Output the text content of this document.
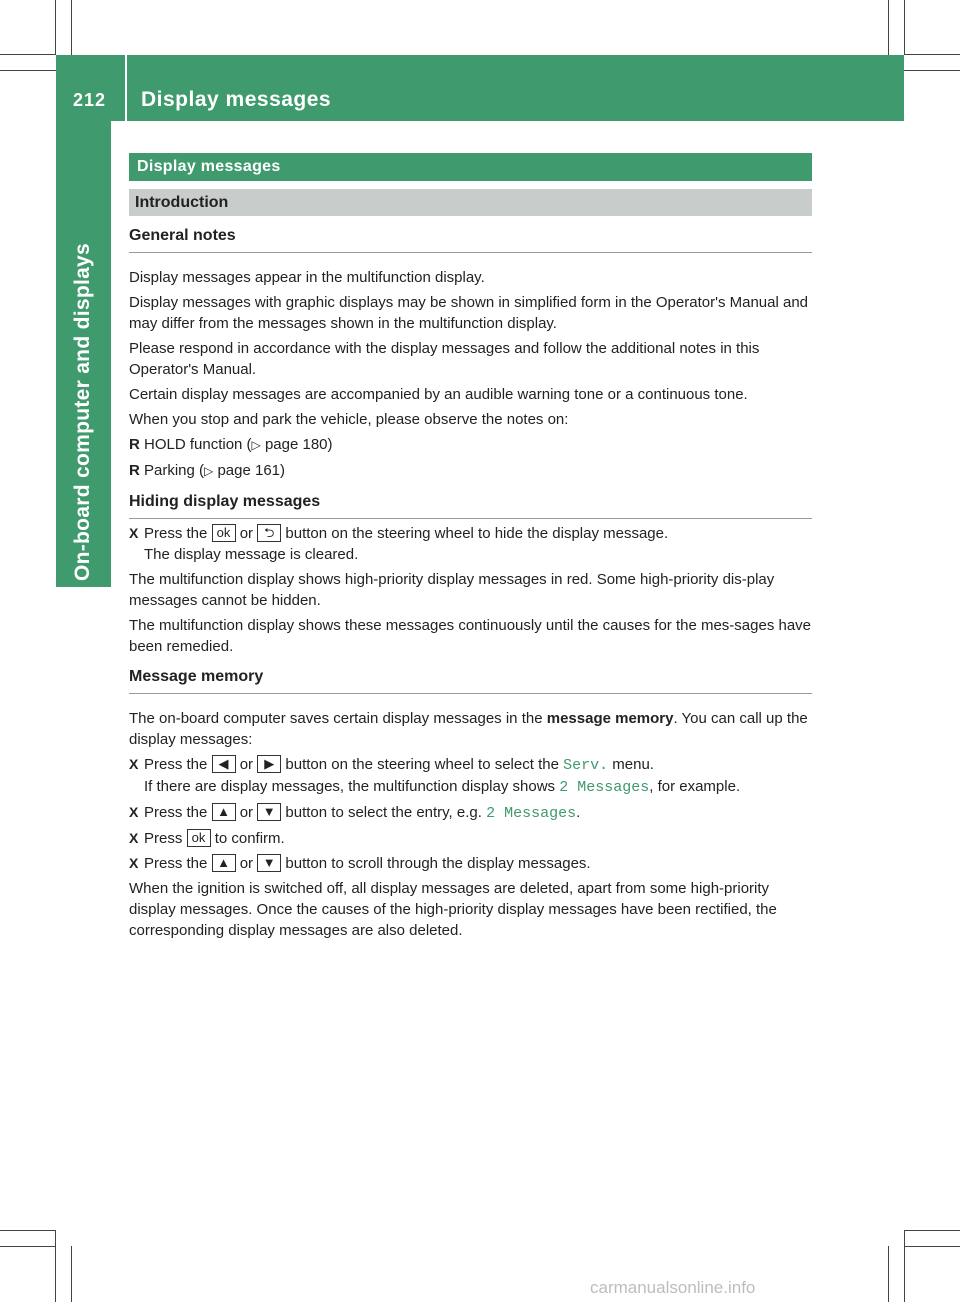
212 Display messages
On-board computer and displays
Display messages
Introduction
General notes
Display messages appear in the multifunction display.
Display messages with graphic displays may be shown in simplified form in the Operator's Manual and may differ from the messages shown in the multifunction display.
Please respond in accordance with the display messages and follow the additional notes in this Operator's Manual.
Certain display messages are accompanied by an audible warning tone or a continuous tone.
When you stop and park the vehicle, please observe the notes on:
R HOLD function (▷ page 180)
R Parking (▷ page 161)
Hiding display messages
X Press the ok or ⮌ button on the steering wheel to hide the display message.
The display message is cleared.
The multifunction display shows high-priority display messages in red. Some high-priority dis-play messages cannot be hidden.
The multifunction display shows these messages continuously until the causes for the mes-sages have been remedied.
Message memory
The on-board computer saves certain display messages in the message memory. You can call up the display messages:
X Press the ◀ or ▶ button on the steering wheel to select the Serv. menu.
If there are display messages, the multifunction display shows 2 Messages, for example.
X Press the ▲ or ▼ button to select the entry, e.g. 2 Messages.
X Press ok to confirm.
X Press the ▲ or ▼ button to scroll through the display messages.
When the ignition is switched off, all display messages are deleted, apart from some high-priority display messages. Once the causes of the high-priority display messages have been rectified, the corresponding display messages are also deleted.
carmanualsonline.info
